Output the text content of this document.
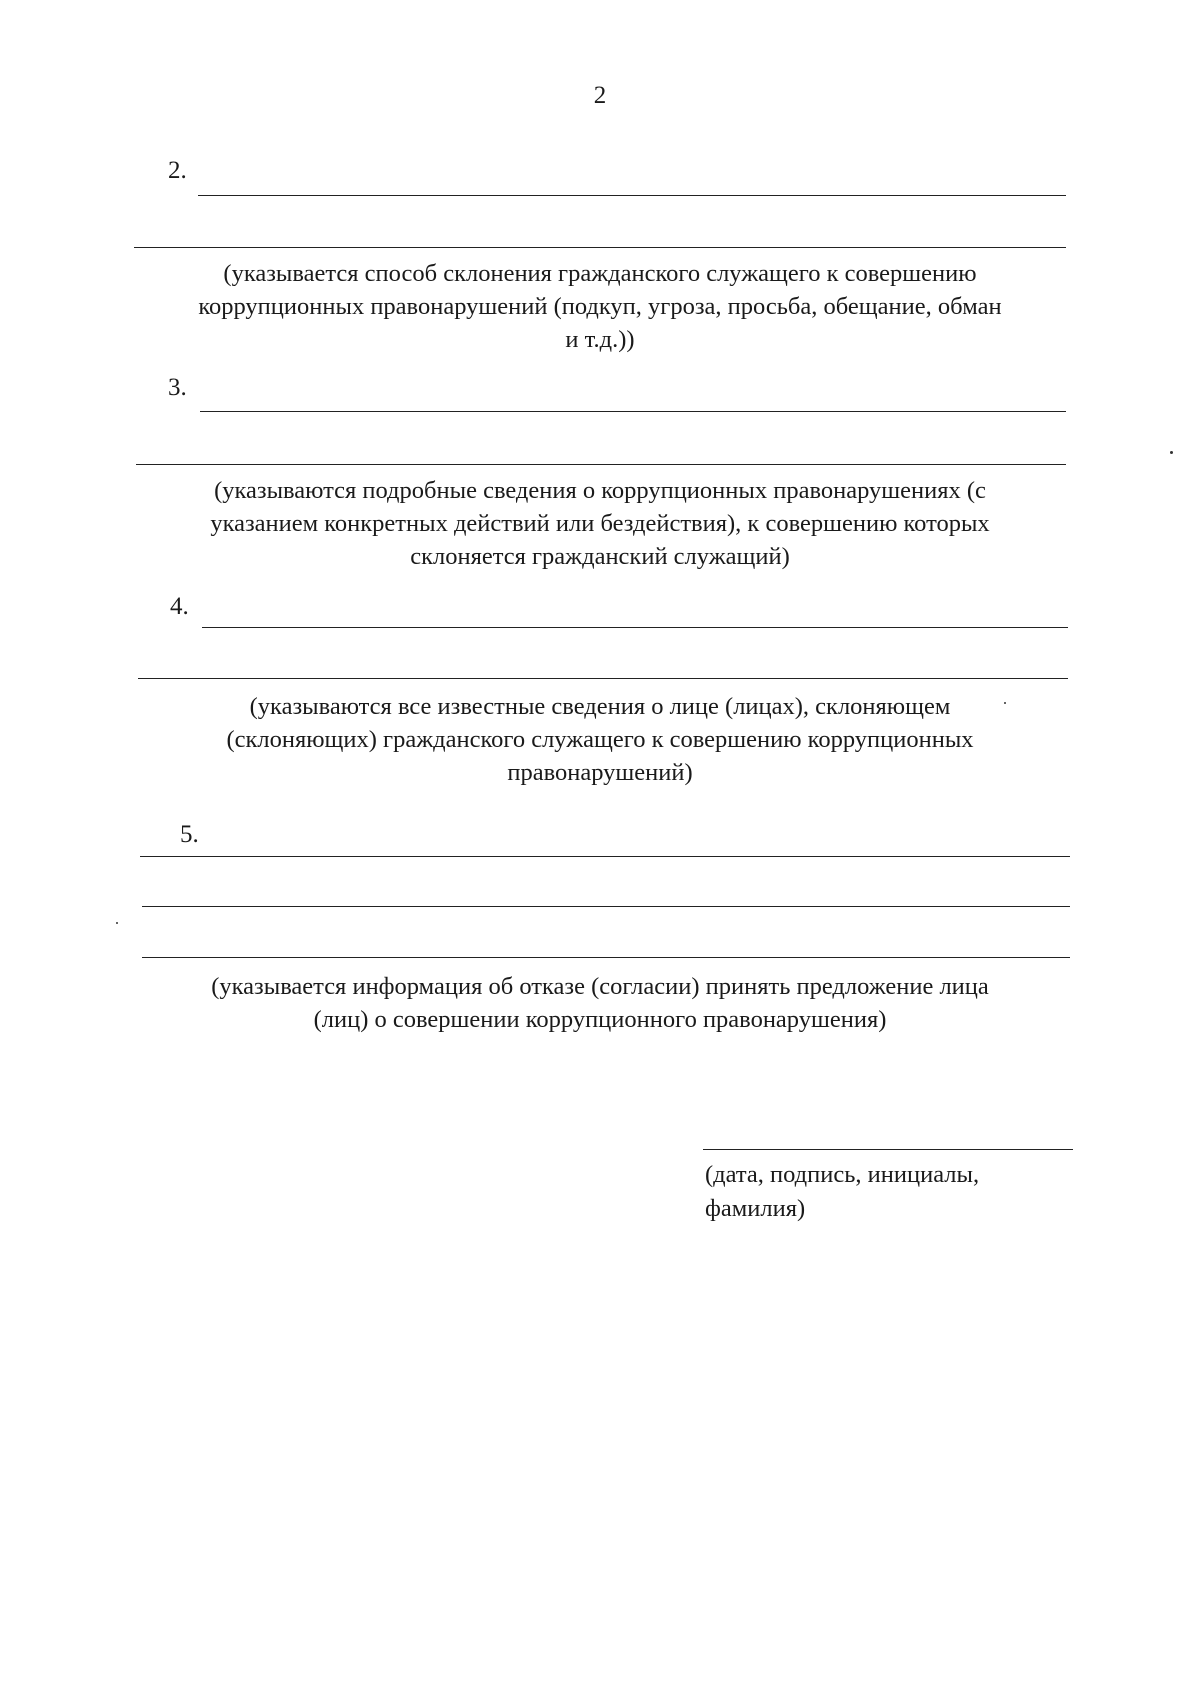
2
2.
(указывается способ склонения гражданского служащего к совершению
коррупционных правонарушений (подкуп, угроза, просьба, обещание, обман
и т.д.))
3.
(указываются подробные сведения о коррупционных правонарушениях (с
указанием конкретных действий или бездействия), к совершению которых
склоняется гражданский служащий)
4.
(указываются все известные сведения о лице (лицах), склоняющем
(склоняющих) гражданского служащего к совершению коррупционных
правонарушений)
5.
(указывается информация об отказе (согласии) принять предложение лица
(лиц) о совершении коррупционного правонарушения)
(дата, подпись, инициалы,
фамилия)
